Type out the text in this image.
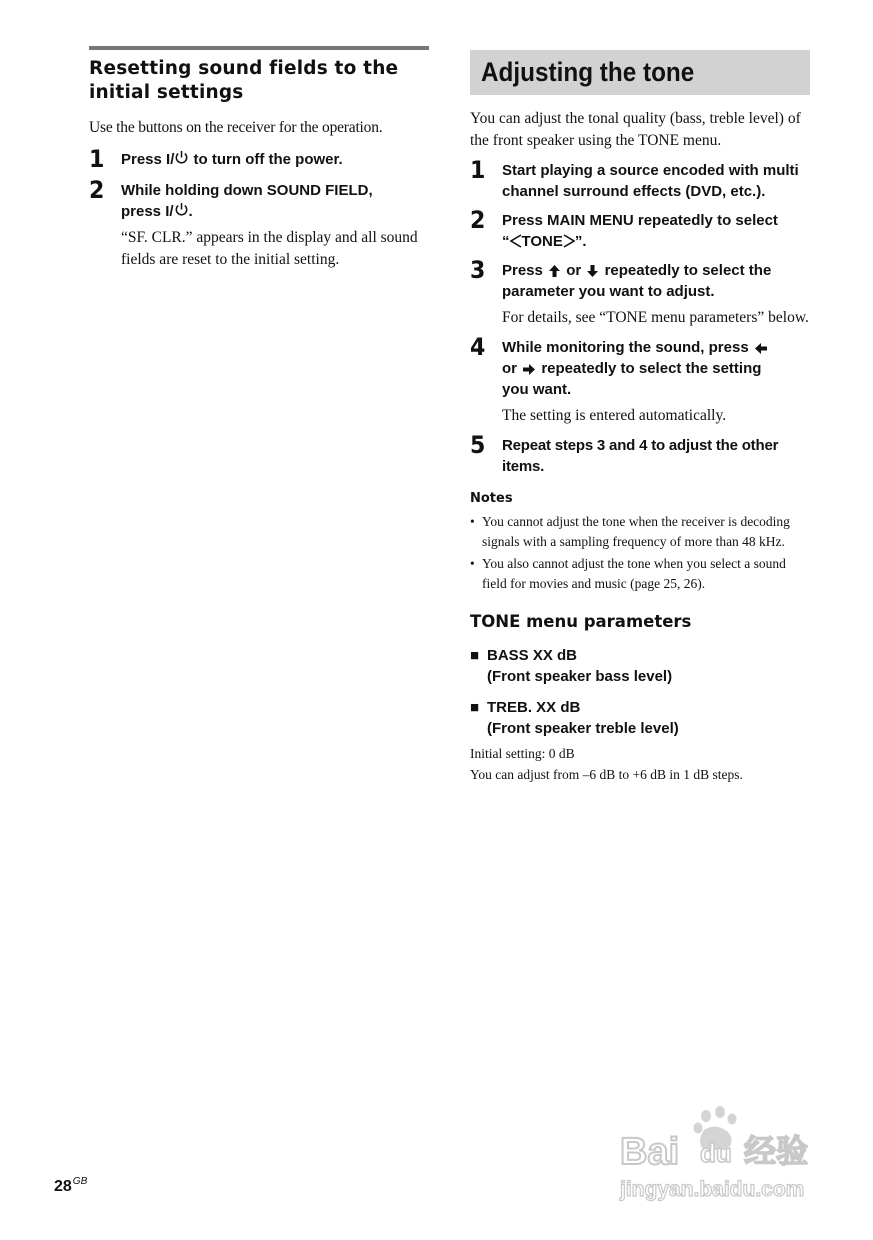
Resetting sound fields to the
initial settings

Use the buttons on the receiver for the operation.

1 Press I/ to turn off the power.
2 While holding down SOUND FIELD,
press I/ .
“SF. CLR.” appears in the display and all sound fields are reset to the initial setting.
Adjusting the tone

You can adjust the tonal quality (bass, treble level) of the front speaker using the TONE menu.

1 Start playing a source encoded with multi channel surround effects (DVD, etc.).
2 Press MAIN MENU repeatedly to select
“ TONE ”.
3 Press or repeatedly to select the
parameter you want to adjust.
For details, see “TONE menu parameters” below.
4 While monitoring the sound, press
or repeatedly to select the setting
you want.
The setting is entered automatically.
5 Repeat steps 3 and 4 to adjust the other items.
Notes
• You cannot adjust the tone when the receiver is decoding signals with a sampling frequency of more than 48 kHz.
• You also cannot adjust the tone when you select a sound field for movies and music (page 25, 26).
TONE menu parameters
■ BASS XX dB
(Front speaker bass level)
■ TREB. XX dB
(Front speaker treble level)
Initial setting: 0 dB
You can adjust from –6 dB to +6 dB in 1 dB steps.
$28^{GB}$
Bai du 经验
jingyan.baidu.com
